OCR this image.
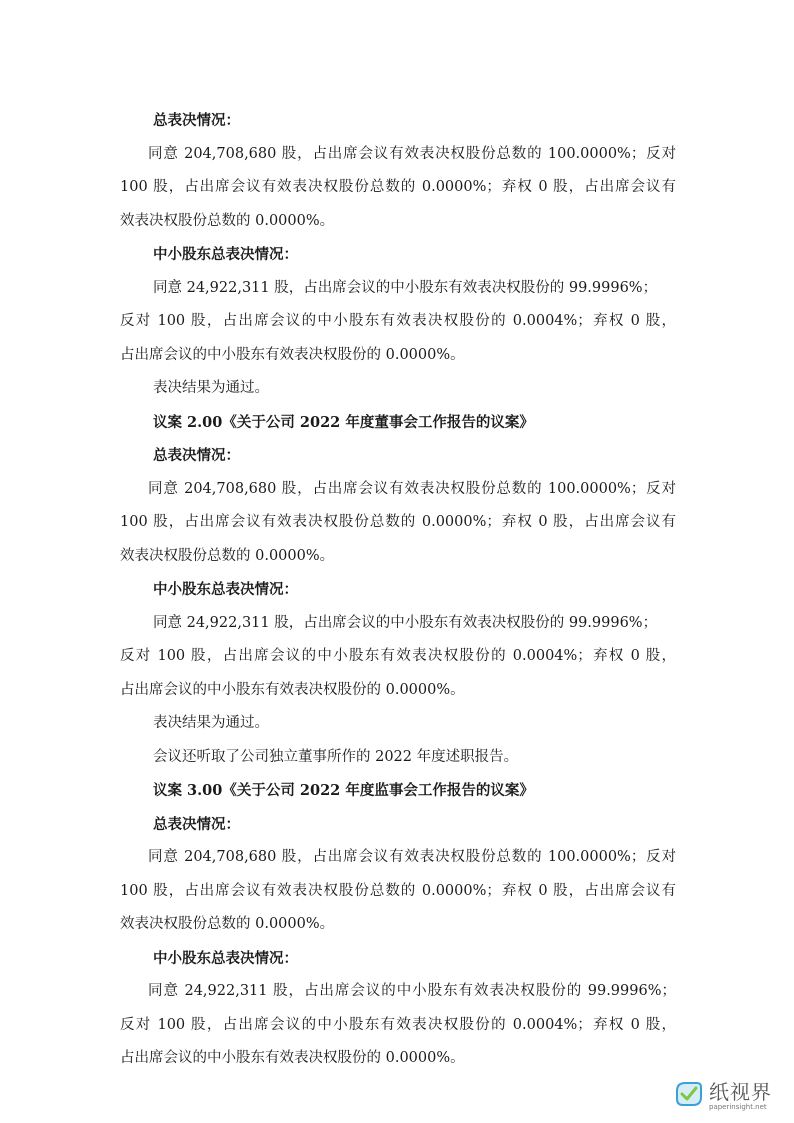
总表决情况：
同意 204,708,680 股，占出席会议有效表决权股份总数的 100.0000%；反对
100 股，占出席会议有效表决权股份总数的 0.0000%；弃权 0 股，占出席会议有
效表决权股份总数的 0.0000%。
中小股东总表决情况：
同意 24,922,311 股，占出席会议的中小股东有效表决权股份的 99.9996%；
反对 100 股，占出席会议的中小股东有效表决权股份的 0.0004%；弃权 0 股，
占出席会议的中小股东有效表决权股份的 0.0000%。
表决结果为通过。
议案 2.00《关于公司 2022 年度董事会工作报告的议案》
总表决情况：
同意 204,708,680 股，占出席会议有效表决权股份总数的 100.0000%；反对
100 股，占出席会议有效表决权股份总数的 0.0000%；弃权 0 股，占出席会议有
效表决权股份总数的 0.0000%。
中小股东总表决情况：
同意 24,922,311 股，占出席会议的中小股东有效表决权股份的 99.9996%；
反对 100 股，占出席会议的中小股东有效表决权股份的 0.0004%；弃权 0 股，
占出席会议的中小股东有效表决权股份的 0.0000%。
表决结果为通过。
会议还听取了公司独立董事所作的 2022 年度述职报告。
议案 3.00《关于公司 2022 年度监事会工作报告的议案》
总表决情况：
同意 204,708,680 股，占出席会议有效表决权股份总数的 100.0000%；反对
100 股，占出席会议有效表决权股份总数的 0.0000%；弃权 0 股，占出席会议有
效表决权股份总数的 0.0000%。
中小股东总表决情况：
同意 24,922,311 股，占出席会议的中小股东有效表决权股份的 99.9996%；
反对 100 股，占出席会议的中小股东有效表决权股份的 0.0004%；弃权 0 股，
占出席会议的中小股东有效表决权股份的 0.0000%。
纸视界
paperinsight.net
